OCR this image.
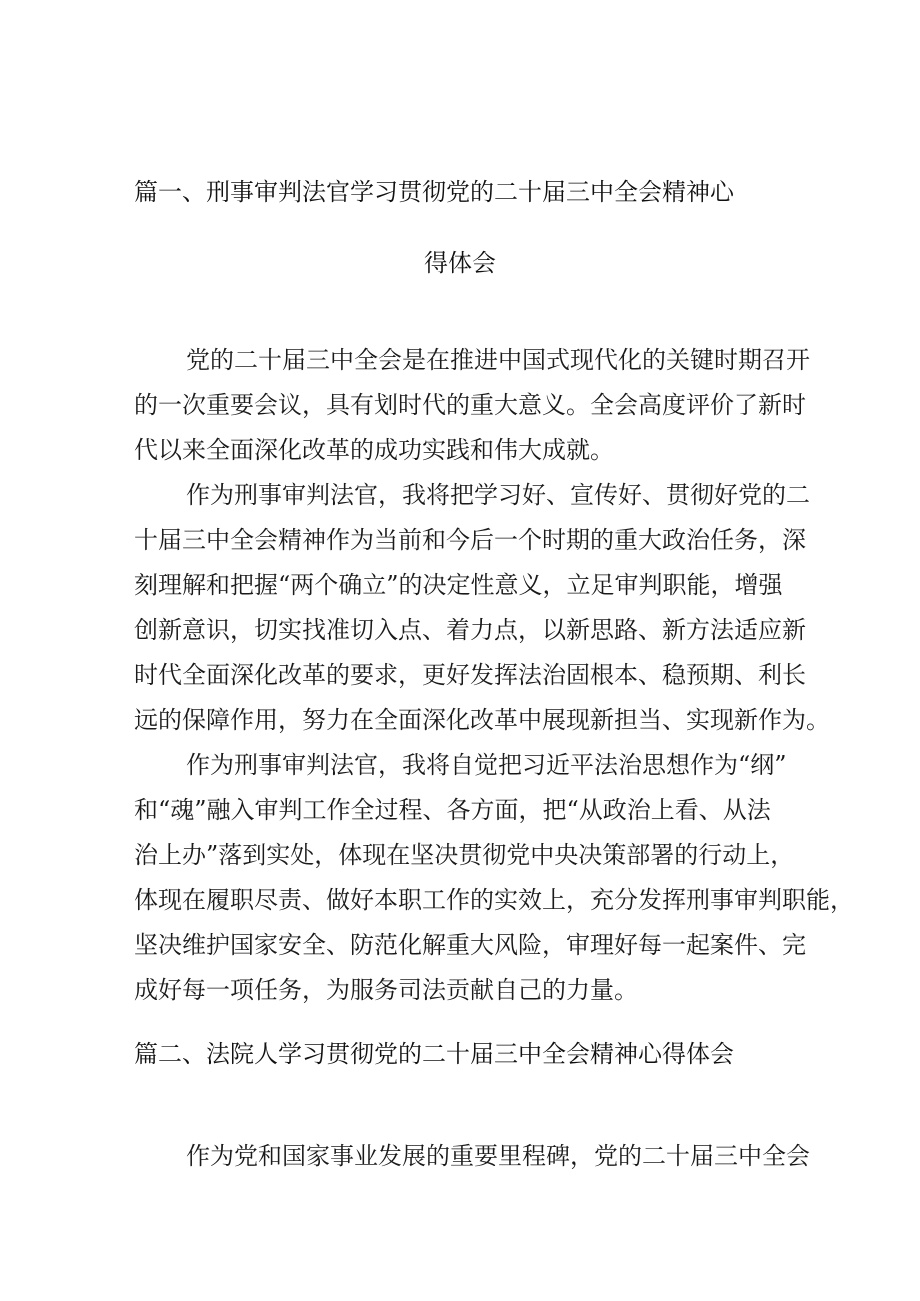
篇一、刑事审判法官学习贯彻党的二十届三中全会精神心
得体会
党的二十届三中全会是在推进中国式现代化的关键时期召开
的一次重要会议，具有划时代的重大意义。全会高度评价了新时
代以来全面深化改革的成功实践和伟大成就。
作为刑事审判法官，我将把学习好、宣传好、贯彻好党的二
十届三中全会精神作为当前和今后一个时期的重大政治任务，深
刻理解和把握“两个确立”的决定性意义，立足审判职能，增强
创新意识，切实找准切入点、着力点，以新思路、新方法适应新
时代全面深化改革的要求，更好发挥法治固根本、稳预期、利长
远的保障作用，努力在全面深化改革中展现新担当、实现新作为。
作为刑事审判法官，我将自觉把习近平法治思想作为“纲”
和“魂”融入审判工作全过程、各方面，把“从政治上看、从法
治上办”落到实处，体现在坚决贯彻党中央决策部署的行动上，
体现在履职尽责、做好本职工作的实效上，充分发挥刑事审判职能，
坚决维护国家安全、防范化解重大风险，审理好每一起案件、完
成好每一项任务，为服务司法贡献自己的力量。
篇二、法院人学习贯彻党的二十届三中全会精神心得体会
作为党和国家事业发展的重要里程碑，党的二十届三中全会
